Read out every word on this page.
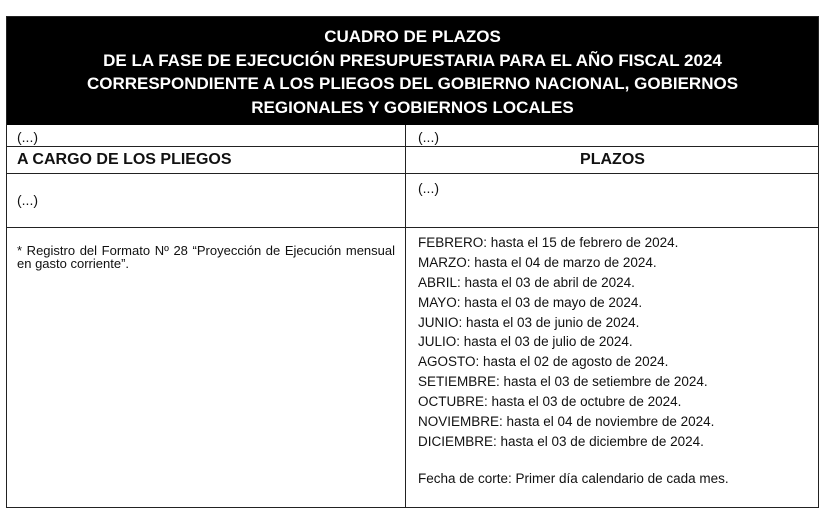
CUADRO DE PLAZOS
DE LA FASE DE EJECUCIÓN PRESUPUESTARIA PARA EL AÑO FISCAL 2024
CORRESPONDIENTE A LOS PLIEGOS DEL GOBIERNO NACIONAL, GOBIERNOS
REGIONALES Y GOBIERNOS LOCALES
(...)	(...)
A CARGO DE LOS PLIEGOS	PLAZOS
(...)
(...)
* Registro del Formato Nº 28 “Proyección de Ejecución mensual en gasto corriente”.
FEBRERO: hasta el 15 de febrero de 2024.
MARZO: hasta el 04 de marzo de 2024.
ABRIL: hasta el 03 de abril de 2024.
MAYO: hasta el 03 de mayo de 2024.
JUNIO: hasta el 03 de junio de 2024.
JULIO: hasta el 03 de julio de 2024.
AGOSTO: hasta el 02 de agosto de 2024.
SETIEMBRE: hasta el 03 de setiembre de 2024.
OCTUBRE: hasta el 03 de octubre de 2024.
NOVIEMBRE: hasta el 04 de noviembre de 2024.
DICIEMBRE: hasta el 03 de diciembre de 2024.
Fecha de corte: Primer día calendario de cada mes.
